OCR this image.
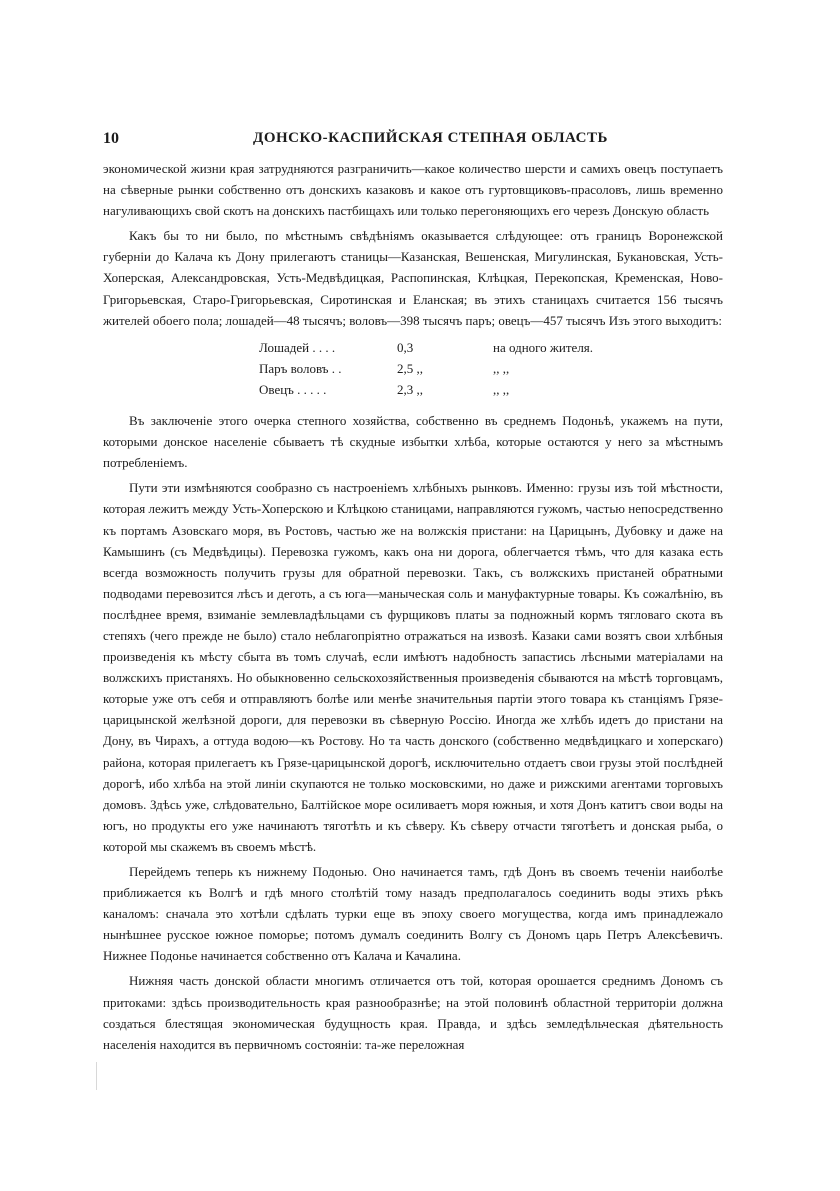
10	ДОНСКО-КАСПИЙСКАЯ СТЕПНАЯ ОБЛАСТЬ

экономической жизни края затрудняются разграничить—какое количество шерсти и самихъ овецъ поступаетъ на сѣверные рынки собственно отъ донскихъ казаковъ и какое отъ гуртовщиковъ-прасоловъ, лишь временно нагуливающихъ свой скотъ на донскихъ пастбищахъ или только перегоняющихъ его черезъ Донскую область

Какъ бы то ни было, по мѣстнымъ свѣдѣніямъ оказывается слѣдующее: отъ границъ Воронежской губерніи до Калача къ Дону прилегаютъ станицы—Казанская, Вешенская, Мигулинская, Букановская, Усть-Хоперская, Александровская, Усть-Медвѣдицкая, Распопинская, Клѣцкая, Перекопская, Кременская, Ново-Григорьевская, Старо-Григорьевская, Сиротинская и Еланская; въ этихъ станицахъ считается 156 тысячъ жителей обоего пола; лошадей—48 тысячъ; воловъ—398 тысячъ паръ; овецъ—457 тысячъ Изъ этого выходитъ:

Лошадей . . . .	0,3	на одного жителя.
Паръ воловъ . .	2,5 ,,	,, ,,
Овецъ . . . . .	2,3 ,,	,, ,,

Въ заключеніе этого очерка степного хозяйства, собственно въ среднемъ Подоньѣ, укажемъ на пути, которыми донское населеніе сбываетъ тѣ скудные избытки хлѣба, которые остаются у него за мѣстнымъ потребленіемъ.

Пути эти измѣняются сообразно съ настроеніемъ хлѣбныхъ рынковъ. Именно: грузы изъ той мѣстности, которая лежитъ между Усть-Хоперскою и Клѣцкою станицами, направляются гужомъ, частью непосредственно къ портамъ Азовскаго моря, въ Ростовъ, частью же на волжскія пристани: на Царицынъ, Дубовку и даже на Камышинъ (съ Медвѣдицы). Перевозка гужомъ, какъ она ни дорога, облегчается тѣмъ, что для казака есть всегда возможность получить грузы для обратной перевозки. Такъ, съ волжскихъ пристаней обратными подводами перевозится лѣсъ и деготь, а съ юга—маныческая соль и мануфактурные товары. Къ сожалѣнію, въ послѣднее время, взиманіе землевладѣльцами съ фурщиковъ платы за подножный кормъ тягловаго скота въ степяхъ (чего прежде не было) стало неблагопріятно отражаться на извозѣ. Казаки сами возятъ свои хлѣбныя произведенія къ мѣсту сбыта въ томъ случаѣ, если имѣютъ надобность запастись лѣсными матеріалами на волжскихъ пристаняхъ. Но обыкновенно сельскохозяйственныя произведенія сбываются на мѣстѣ торговцамъ, которые уже отъ себя и отправляютъ болѣе или менѣе значительныя партіи этого товара къ станціямъ Грязе-царицынской желѣзной дороги, для перевозки въ сѣверную Россію. Иногда же хлѣбъ идетъ до пристани на Дону, въ Чирахъ, а оттуда водою—къ Ростову. Но та часть донского (собственно медвѣдицкаго и хоперскаго) района, которая прилегаетъ къ Грязе-царицынской дорогѣ, исключительно отдаетъ свои грузы этой послѣдней дорогѣ, ибо хлѣба на этой линіи скупаются не только московскими, но даже и рижскими агентами торговыхъ домовъ. Здѣсь уже, слѣдовательно, Балтійское море осиливаетъ моря южныя, и хотя Донъ катитъ свои воды на югъ, но продукты его уже начинаютъ тяготѣть и къ сѣверу. Къ сѣверу отчасти тяготѣетъ и донская рыба, о которой мы скажемъ въ своемъ мѣстѣ.

Перейдемъ теперь къ нижнему Подонью. Оно начинается тамъ, гдѣ Донъ въ своемъ теченіи наиболѣе приближается къ Волгѣ и гдѣ много столѣтій тому назадъ предполагалось соединить воды этихъ рѣкъ каналомъ: сначала это хотѣли сдѣлать турки еще въ эпоху своего могущества, когда имъ принадлежало нынѣшнее русское южное поморье; потомъ думалъ соединить Волгу съ Дономъ царь Петръ Алексѣевичъ. Нижнее Подонье начинается собственно отъ Калача и Качалина.

Нижняя часть донской области многимъ отличается отъ той, которая орошается среднимъ Дономъ съ притоками: здѣсь производительность края разнообразнѣе; на этой половинѣ областной территоріи должна создаться блестящая экономическая будущность края. Правда, и здѣсь земледѣльческая дѣятельность населенія находится въ первичномъ состояніи: та-же переложная
